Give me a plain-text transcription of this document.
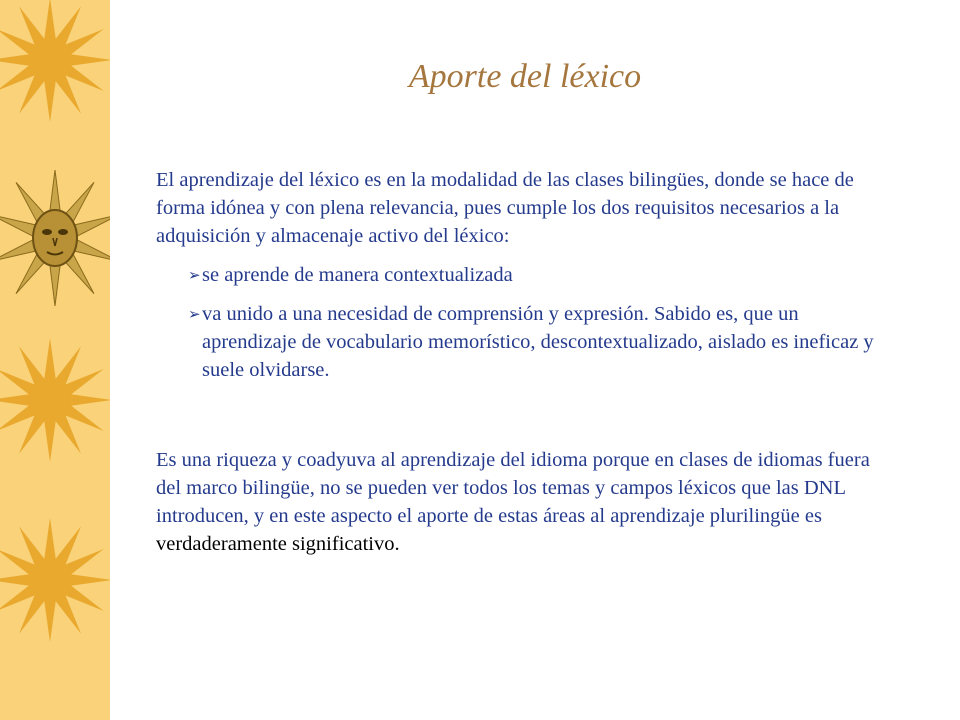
Aporte del léxico

El aprendizaje del léxico es en la modalidad de las clases bilingües, donde se hace de forma idónea y con plena relevancia, pues cumple los dos requisitos necesarios a la adquisición y almacenaje activo del léxico:

➢ se aprende de manera contextualizada

➢ va unido a una necesidad de comprensión y expresión. Sabido es, que un aprendizaje de vocabulario memorístico, descontextualizado, aislado es ineficaz y suele olvidarse.

Es una riqueza y coadyuva al aprendizaje del idioma porque en clases de idiomas fuera del marco bilingüe, no se pueden ver todos los temas y campos léxicos que las DNL introducen, y en este aspecto el aporte de estas áreas al aprendizaje plurilingüe es verdaderamente significativo.
